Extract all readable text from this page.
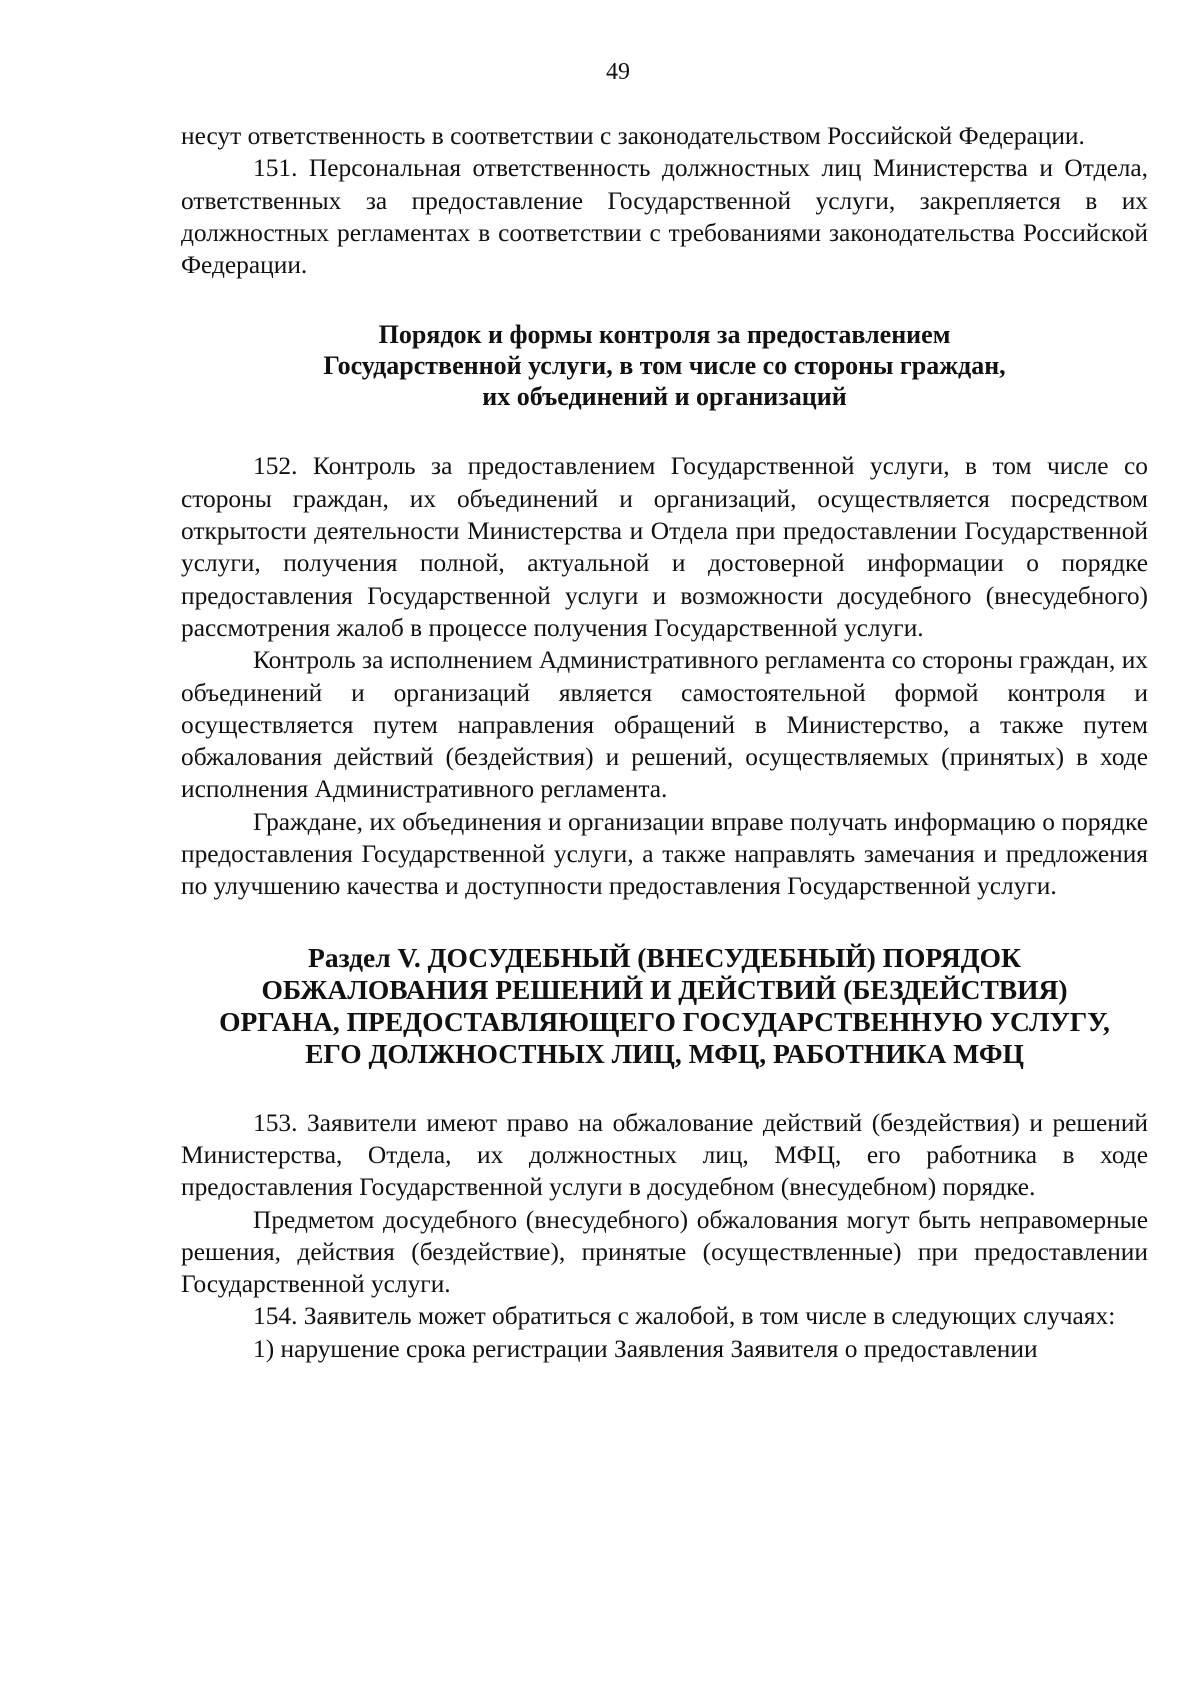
49

несут ответственность в соответствии с законодательством Российской Федерации.

151. Персональная ответственность должностных лиц Министерства и Отдела, ответственных за предоставление Государственной услуги, закрепляется в их должностных регламентах в соответствии с требованиями законодательства Российской Федерации.

Порядок и формы контроля за предоставлением
Государственной услуги, в том числе со стороны граждан,
их объединений и организаций

152. Контроль за предоставлением Государственной услуги, в том числе со стороны граждан, их объединений и организаций, осуществляется посредством открытости деятельности Министерства и Отдела при предоставлении Государственной услуги, получения полной, актуальной и достоверной информации о порядке предоставления Государственной услуги и возможности досудебного (внесудебного) рассмотрения жалоб в процессе получения Государственной услуги.

Контроль за исполнением Административного регламента со стороны граждан, их объединений и организаций является самостоятельной формой контроля и осуществляется путем направления обращений в Министерство, а также путем обжалования действий (бездействия) и решений, осуществляемых (принятых) в ходе исполнения Административного регламента.

Граждане, их объединения и организации вправе получать информацию о порядке предоставления Государственной услуги, а также направлять замечания и предложения по улучшению качества и доступности предоставления Государственной услуги.

Раздел V. ДОСУДЕБНЫЙ (ВНЕСУДЕБНЫЙ) ПОРЯДОК
ОБЖАЛОВАНИЯ РЕШЕНИЙ И ДЕЙСТВИЙ (БЕЗДЕЙСТВИЯ)
ОРГАНА, ПРЕДОСТАВЛЯЮЩЕГО ГОСУДАРСТВЕННУЮ УСЛУГУ,
ЕГО ДОЛЖНОСТНЫХ ЛИЦ, МФЦ, РАБОТНИКА МФЦ

153. Заявители имеют право на обжалование действий (бездействия) и решений Министерства, Отдела, их должностных лиц, МФЦ, его работника в ходе предоставления Государственной услуги в досудебном (внесудебном) порядке.

Предметом досудебного (внесудебного) обжалования могут быть неправомерные решения, действия (бездействие), принятые (осуществленные) при предоставлении Государственной услуги.

154. Заявитель может обратиться с жалобой, в том числе в следующих случаях:

1) нарушение срока регистрации Заявления Заявителя о предоставлении
